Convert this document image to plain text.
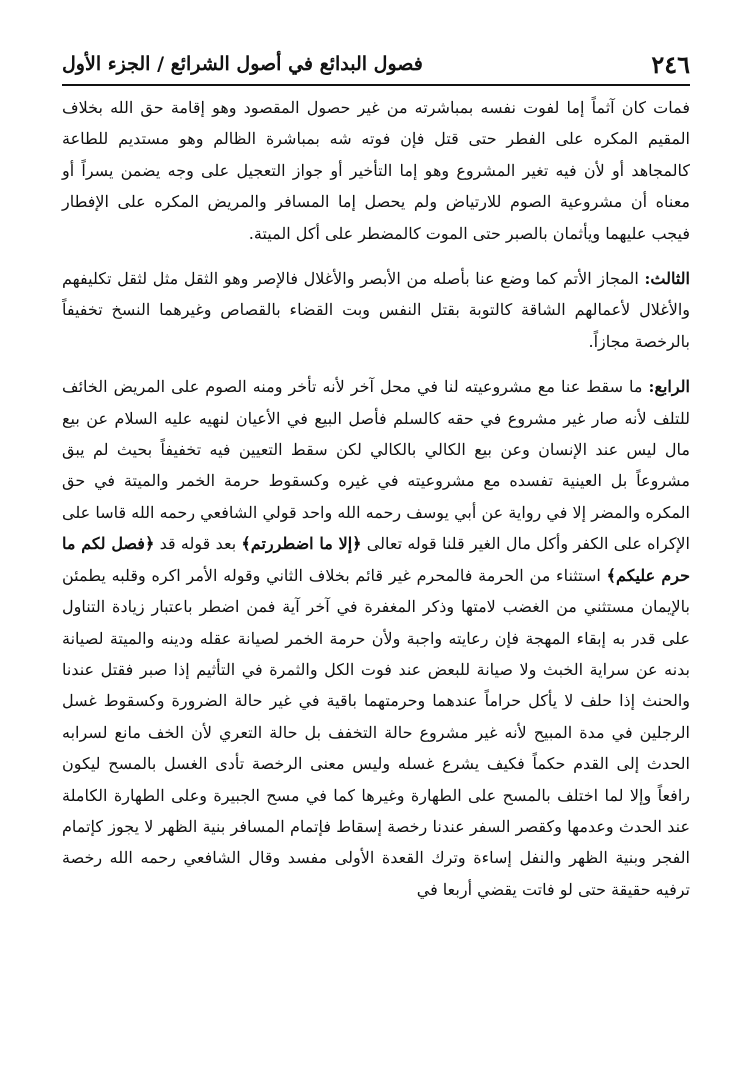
٢٤٦
فصول البدائع في أصول الشرائع / الجزء الأول

فمات كان آثماً إما لفوت نفسه بمباشرته من غير حصول المقصود وهو إقامة حق الله بخلاف المقيم المكره على الفطر حتى قتل فإن فوته شه بمباشرة الظالم وهو مستديم للطاعة كالمجاهد أو لأن فيه تغير المشروع وهو إما التأخير أو جواز التعجيل على وجه يضمن يسراً أو معناه أن مشروعية الصوم للارتياض ولم يحصل إما المسافر والمريض المكره على الإفطار فيجب عليهما ويأثمان بالصبر حتى الموت كالمضطر على أكل الميتة.

الثالث: المجاز الأتم كما وضع عنا بأصله من الأبصر والأغلال فالإصر وهو الثقل مثل لثقل تكليفهم والأغلال لأعمالهم الشاقة كالتوبة بقتل النفس وبت القضاء بالقصاص وغيرهما النسخ تخفيفاً بالرخصة مجازاً.

الرابع: ما سقط عنا مع مشروعيته لنا في محل آخر لأنه تأخر ومنه الصوم على المريض الخائف للتلف لأنه صار غير مشروع في حقه كالسلم فأصل البيع في الأعيان لنهيه عليه السلام عن بيع مال ليس عند الإنسان وعن بيع الكالي بالكالي لكن سقط التعيين فيه تخفيفاً بحيث لم يبق مشروعاً بل العينية تفسده مع مشروعيته في غيره وكسقوط حرمة الخمر والميتة في حق المكره والمضر إلا في رواية عن أبي يوسف رحمه الله واحد قولي الشافعي رحمه الله قاسا على الإكراه على الكفر وأكل مال الغير قلنا قوله تعالى ﴿إلا ما اضطررتم﴾ بعد قوله قد ﴿فصل لكم ما حرم عليكم﴾ استثناء من الحرمة فالمحرم غير قائم بخلاف الثاني وقوله الأمر اكره وقلبه يطمئن بالإيمان مستثني من الغضب لامتها وذكر المغفرة في آخر آية فمن اضطر باعتبار زيادة التناول على قدر به إبقاء المهجة فإن رعايته واجبة ولأن حرمة الخمر لصيانة عقله ودينه والميتة لصيانة بدنه عن سراية الخبث ولا صيانة للبعض عند فوت الكل والثمرة في التأثيم إذا صبر فقتل عندنا والحنث إذا حلف لا يأكل حراماً عندهما وحرمتهما باقية في غير حالة الضرورة وكسقوط غسل الرجلين في مدة المبيح لأنه غير مشروع حالة التخفف بل حالة التعري لأن الخف مانع لسرابه الحدث إلى القدم حكماً فكيف يشرع غسله وليس معنى الرخصة تأدى الغسل بالمسح ليكون رافعاً وإلا لما اختلف بالمسح على الطهارة وغيرها كما في مسح الجبيرة وعلى الطهارة الكاملة عند الحدث وعدمها وكقصر السفر عندنا رخصة إسقاط فإتمام المسافر بنية الظهر لا يجوز كإتمام الفجر وبنية الظهر والنفل إساءة وترك القعدة الأولى مفسد وقال الشافعي رحمه الله رخصة ترفيه حقيقة حتى لو فاتت يقضي أربعا في
